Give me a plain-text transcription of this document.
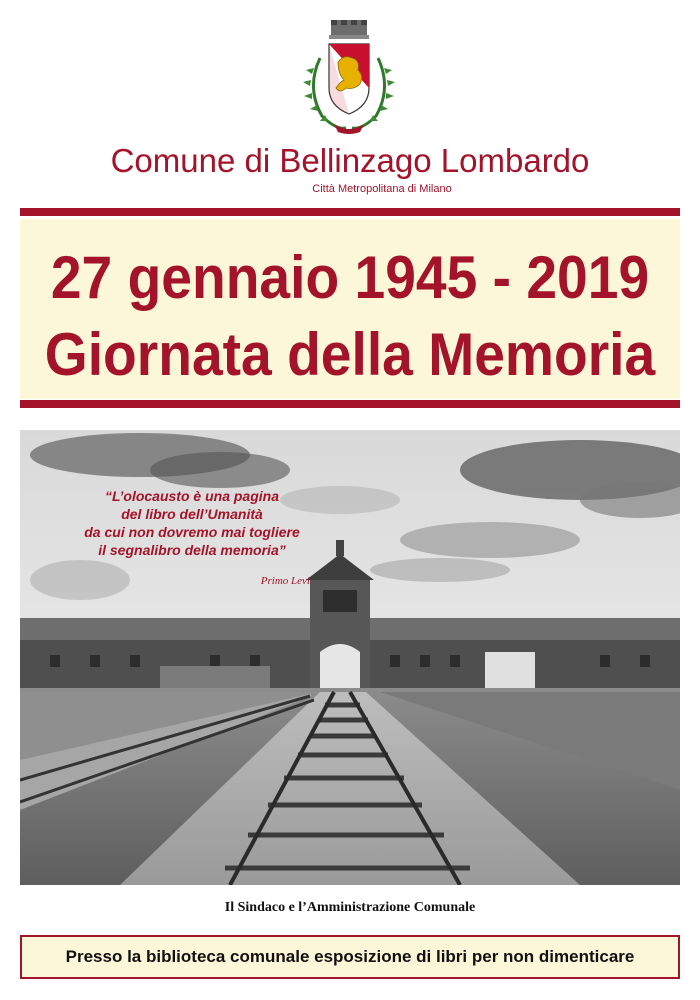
Comune di Bellinzago Lombardo
Città Metropolitana di Milano
27 gennaio 1945 - 2019
Giornata della Memoria
“L’olocausto è una pagina
del libro dell’Umanità
da cui non dovremo mai togliere
il segnalibro della memoria”
Primo Levi
Il Sindaco e l’Amministrazione Comunale
Presso la biblioteca comunale esposizione di libri per non dimenticare
